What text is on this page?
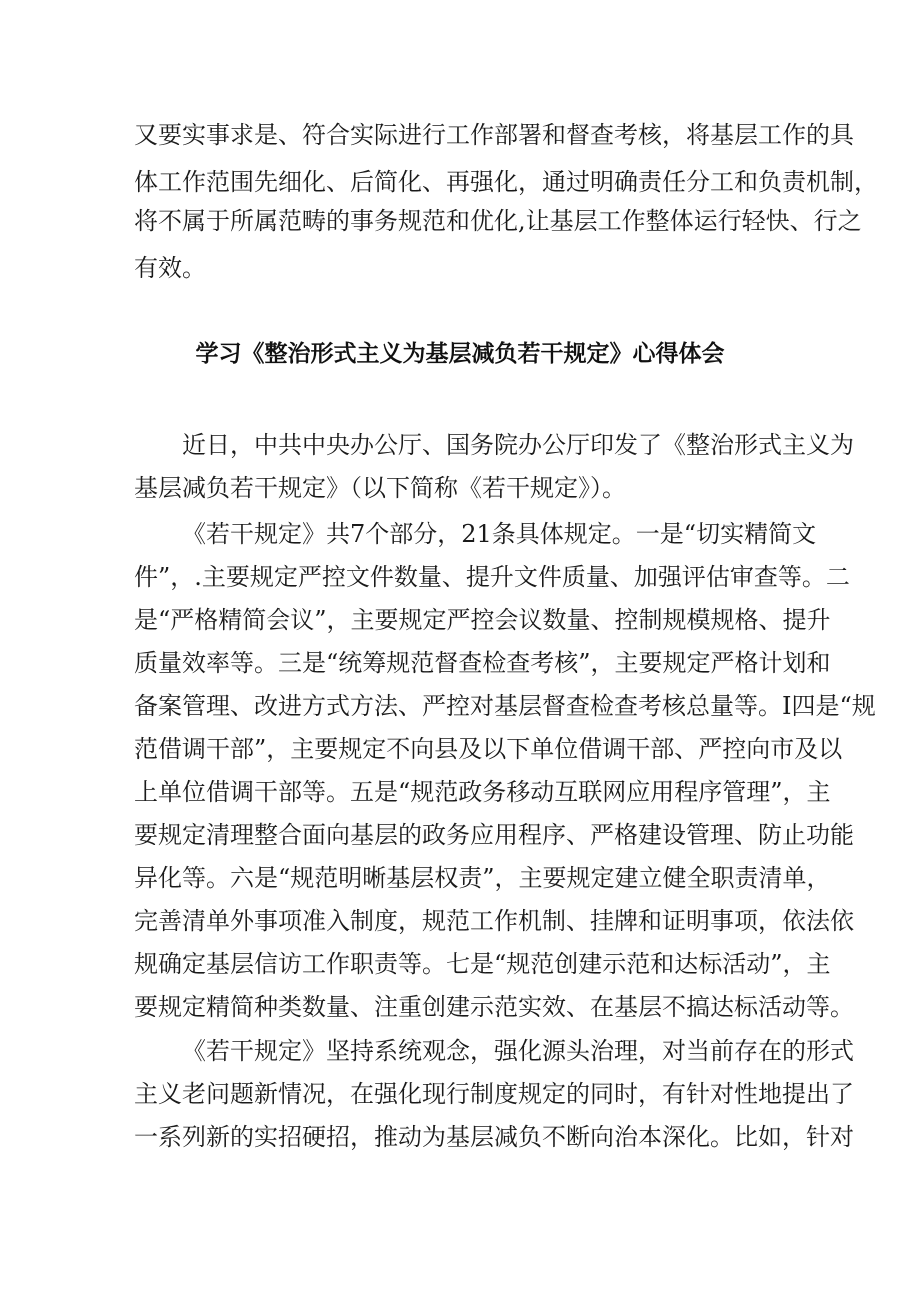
又要实事求是、符合实际进行工作部署和督查考核，将基层工作的具
体工作范围先细化、后简化、再强化，通过明确责任分工和负责机制，
将不属于所属范畴的事务规范和优化,让基层工作整体运行轻快、行之
有效。
学习《整治形式主义为基层减负若干规定》心得体会
近日，中共中央办公厅、国务院办公厅印发了《整治形式主义为
基层减负若干规定》（以下简称《若干规定》）。
《若干规定》共7个部分，21条具体规定。一是“切实精简文
件”，.主要规定严控文件数量、提升文件质量、加强评估审查等。二
是“严格精简会议”，主要规定严控会议数量、控制规模规格、提升
质量效率等。三是“统筹规范督查检查考核”，主要规定严格计划和
备案管理、改进方式方法、严控对基层督查检查考核总量等。I四是“规
范借调干部”，主要规定不向县及以下单位借调干部、严控向市及以
上单位借调干部等。五是“规范政务移动互联网应用程序管理”，主
要规定清理整合面向基层的政务应用程序、严格建设管理、防止功能
异化等。六是“规范明晰基层权责”，主要规定建立健全职责清单，
完善清单外事项准入制度，规范工作机制、挂牌和证明事项，依法依
规确定基层信访工作职责等。七是“规范创建示范和达标活动”，主
要规定精简种类数量、注重创建示范实效、在基层不搞达标活动等。
《若干规定》坚持系统观念，强化源头治理，对当前存在的形式
主义老问题新情况，在强化现行制度规定的同时，有针对性地提出了
一系列新的实招硬招，推动为基层减负不断向治本深化。比如，针对
